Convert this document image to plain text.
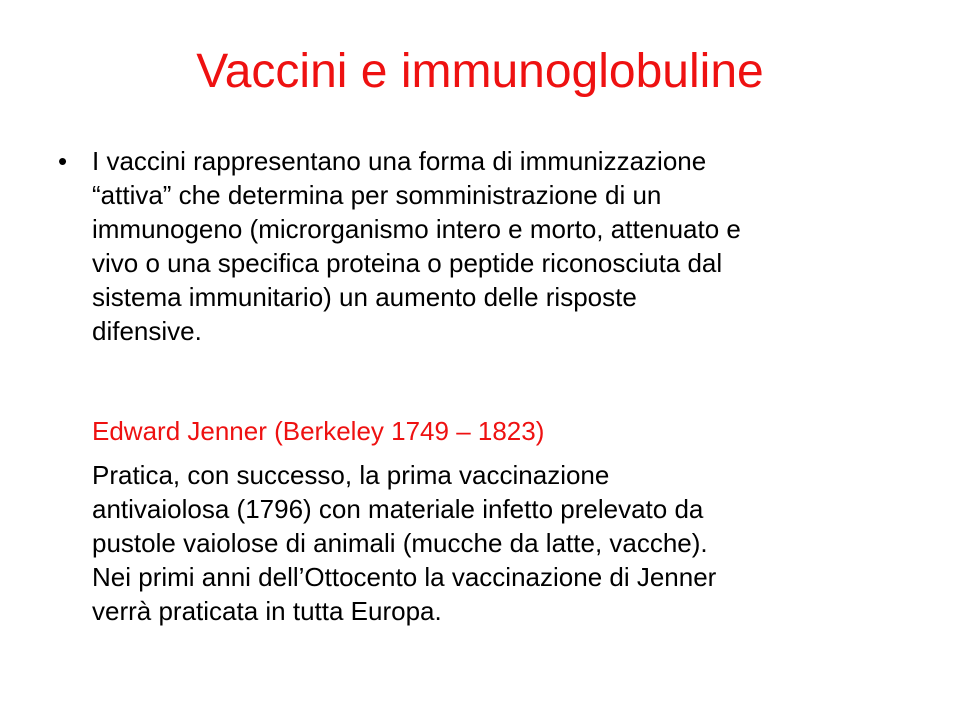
Vaccini e immunoglobuline
• I vaccini rappresentano una forma di immunizzazione
“attiva” che determina per somministrazione di un
immunogeno (microrganismo intero e morto, attenuato e
vivo o una specifica proteina o peptide riconosciuta dal
sistema immunitario) un aumento delle risposte
difensive.
Edward Jenner (Berkeley 1749 – 1823)
Pratica, con successo, la prima vaccinazione
antivaiolosa (1796) con materiale infetto prelevato da
pustole vaiolose di animali (mucche da latte, vacche).
Nei primi anni dell’Ottocento la vaccinazione di Jenner
verrà praticata in tutta Europa.
